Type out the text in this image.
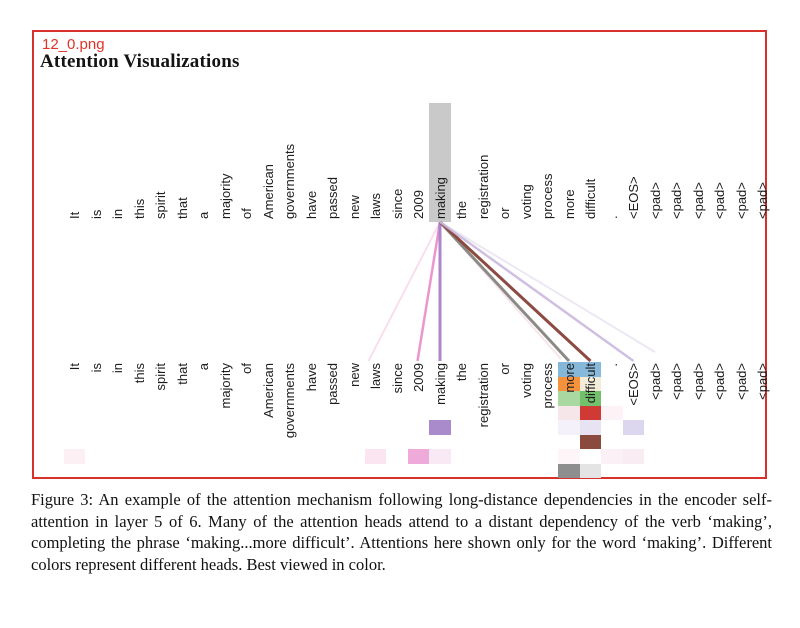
12_0.png
Attention Visualizations
It is in this spirit that a majority of American governments have passed new laws since 2009 making the registration or voting process more difficult . <EOS> <pad> <pad> <pad> <pad> <pad> <pad>
It is in this spirit that a majority of American governments have passed new laws since 2009 making the registration or voting process more difficult . <EOS> <pad> <pad> <pad> <pad> <pad> <pad>

Figure 3: An example of the attention mechanism following long-distance dependencies in the encoder self-attention in layer 5 of 6. Many of the attention heads attend to a distant dependency of the verb ‘making’, completing the phrase ‘making...more difficult’. Attentions here shown only for the word ‘making’. Different colors represent different heads. Best viewed in color.
